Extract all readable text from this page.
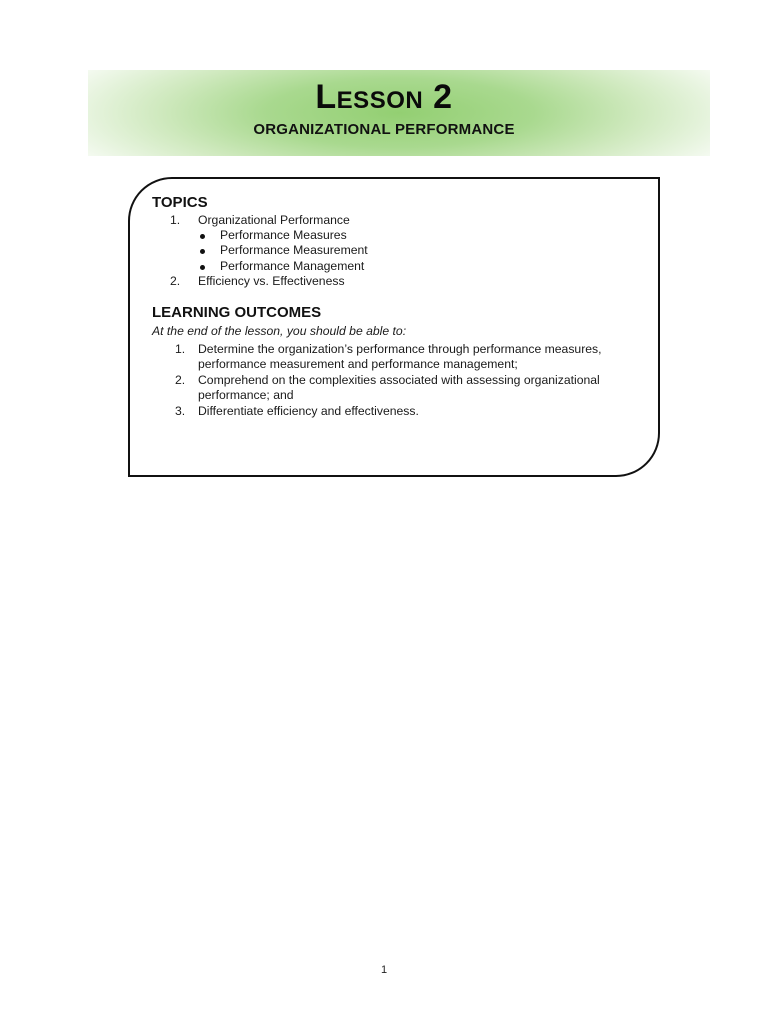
Lesson 2
ORGANIZATIONAL PERFORMANCE
TOPICS
1. Organizational Performance
Performance Measures
Performance Measurement
Performance Management
2. Efficiency vs. Effectiveness
LEARNING OUTCOMES
At the end of the lesson, you should be able to:
1. Determine the organization’s performance through performance measures,
performance measurement and performance management;
2. Comprehend on the complexities associated with assessing organizational
performance; and
3. Differentiate efficiency and effectiveness.
1
